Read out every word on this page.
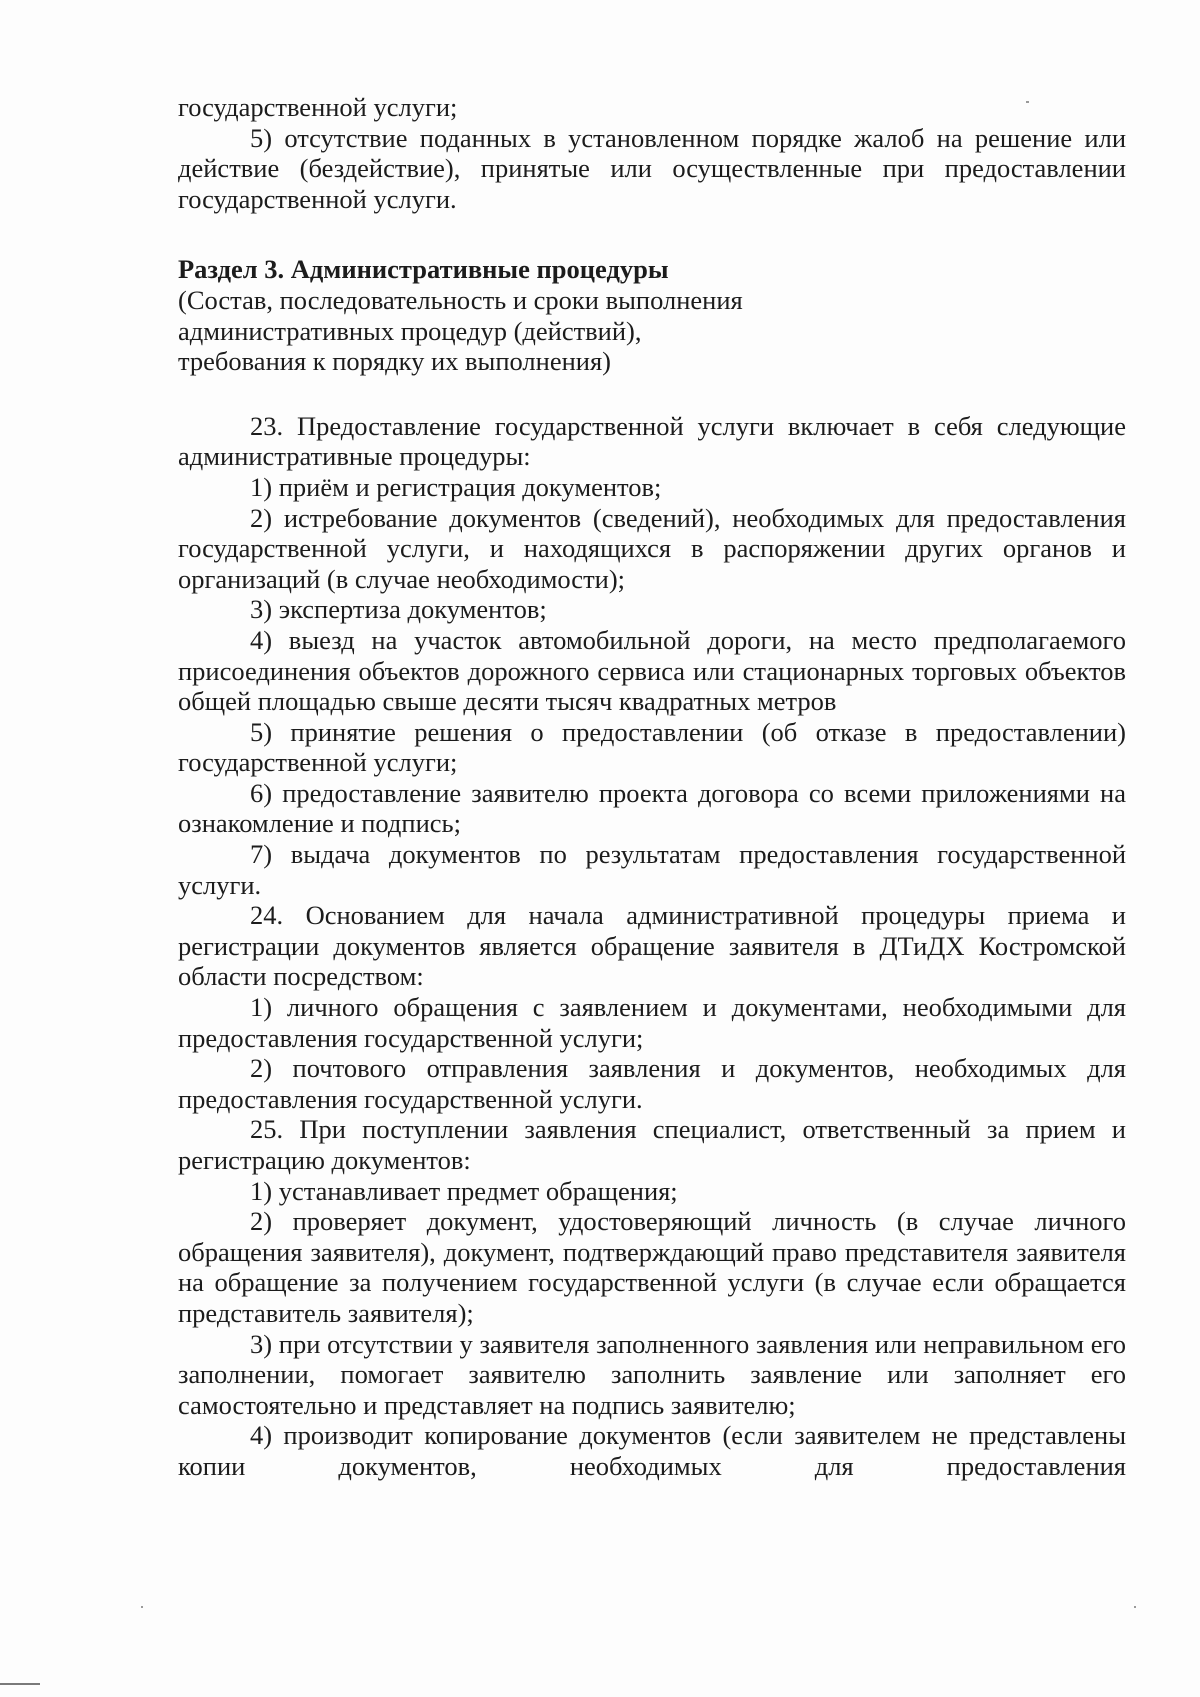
государственной услуги;

5) отсутствие поданных в установленном порядке жалоб на решение или действие (бездействие), принятые или осуществленные при предоставлении государственной услуги.

Раздел 3. Административные процедуры

(Состав, последовательность и сроки выполнения

административных процедур (действий),

требования к порядку их выполнения)

23. Предоставление государственной услуги включает в себя следующие административные процедуры:

1) приём и регистрация документов;

2) истребование документов (сведений), необходимых для предоставления государственной услуги, и находящихся в распоряжении других органов и организаций (в случае необходимости);

3) экспертиза документов;

4) выезд на участок автомобильной дороги, на место предполагаемого присоединения объектов дорожного сервиса или стационарных торговых объектов общей площадью свыше десяти тысяч квадратных метров

5) принятие решения о предоставлении (об отказе в предоставлении) государственной услуги;

6) предоставление заявителю проекта договора со всеми приложениями на ознакомление и подпись;

7) выдача документов по результатам предоставления государственной услуги.

24. Основанием для начала административной процедуры приема и регистрации документов является обращение заявителя в ДТиДХ Костромской области посредством:

1) личного обращения с заявлением и документами, необходимыми для предоставления государственной услуги;

2) почтового отправления заявления и документов, необходимых для предоставления государственной услуги.

25. При поступлении заявления специалист, ответственный за прием и регистрацию документов:

1) устанавливает предмет обращения;

2) проверяет документ, удостоверяющий личность (в случае личного обращения заявителя), документ, подтверждающий право представителя заявителя на обращение за получением государственной услуги (в случае если обращается представитель заявителя);

3) при отсутствии у заявителя заполненного заявления или неправильном его заполнении, помогает заявителю заполнить заявление или заполняет его самостоятельно и представляет на подпись заявителю;

4) производит копирование документов (если заявителем не представлены копии документов, необходимых для предоставления
